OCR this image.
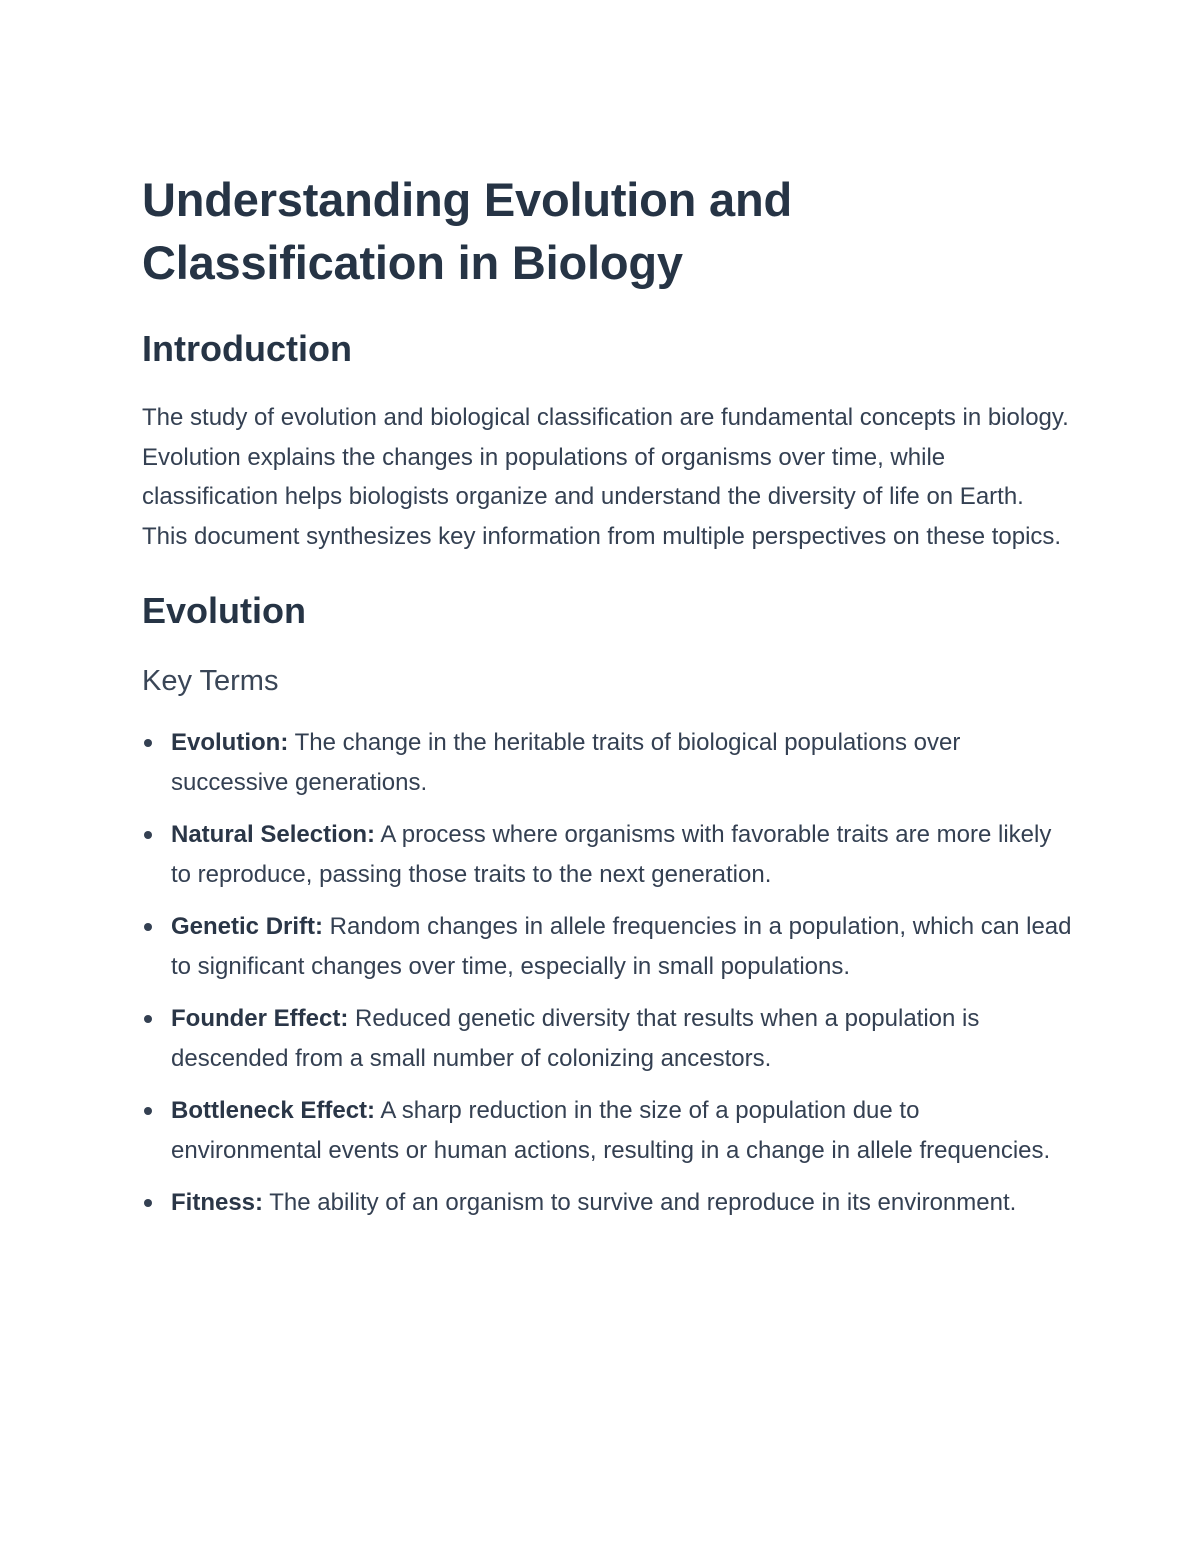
Understanding Evolution and Classification in Biology
Introduction

The study of evolution and biological classification are fundamental concepts in biology. Evolution explains the changes in populations of organisms over time, while classification helps biologists organize and understand the diversity of life on Earth. This document synthesizes key information from multiple perspectives on these topics.

Evolution
Key Terms
Evolution: The change in the heritable traits of biological populations over successive generations.
Natural Selection: A process where organisms with favorable traits are more likely to reproduce, passing those traits to the next generation.
Genetic Drift: Random changes in allele frequencies in a population, which can lead to significant changes over time, especially in small populations.
Founder Effect: Reduced genetic diversity that results when a population is descended from a small number of colonizing ancestors.
Bottleneck Effect: A sharp reduction in the size of a population due to environmental events or human actions, resulting in a change in allele frequencies.
Fitness: The ability of an organism to survive and reproduce in its environment.
